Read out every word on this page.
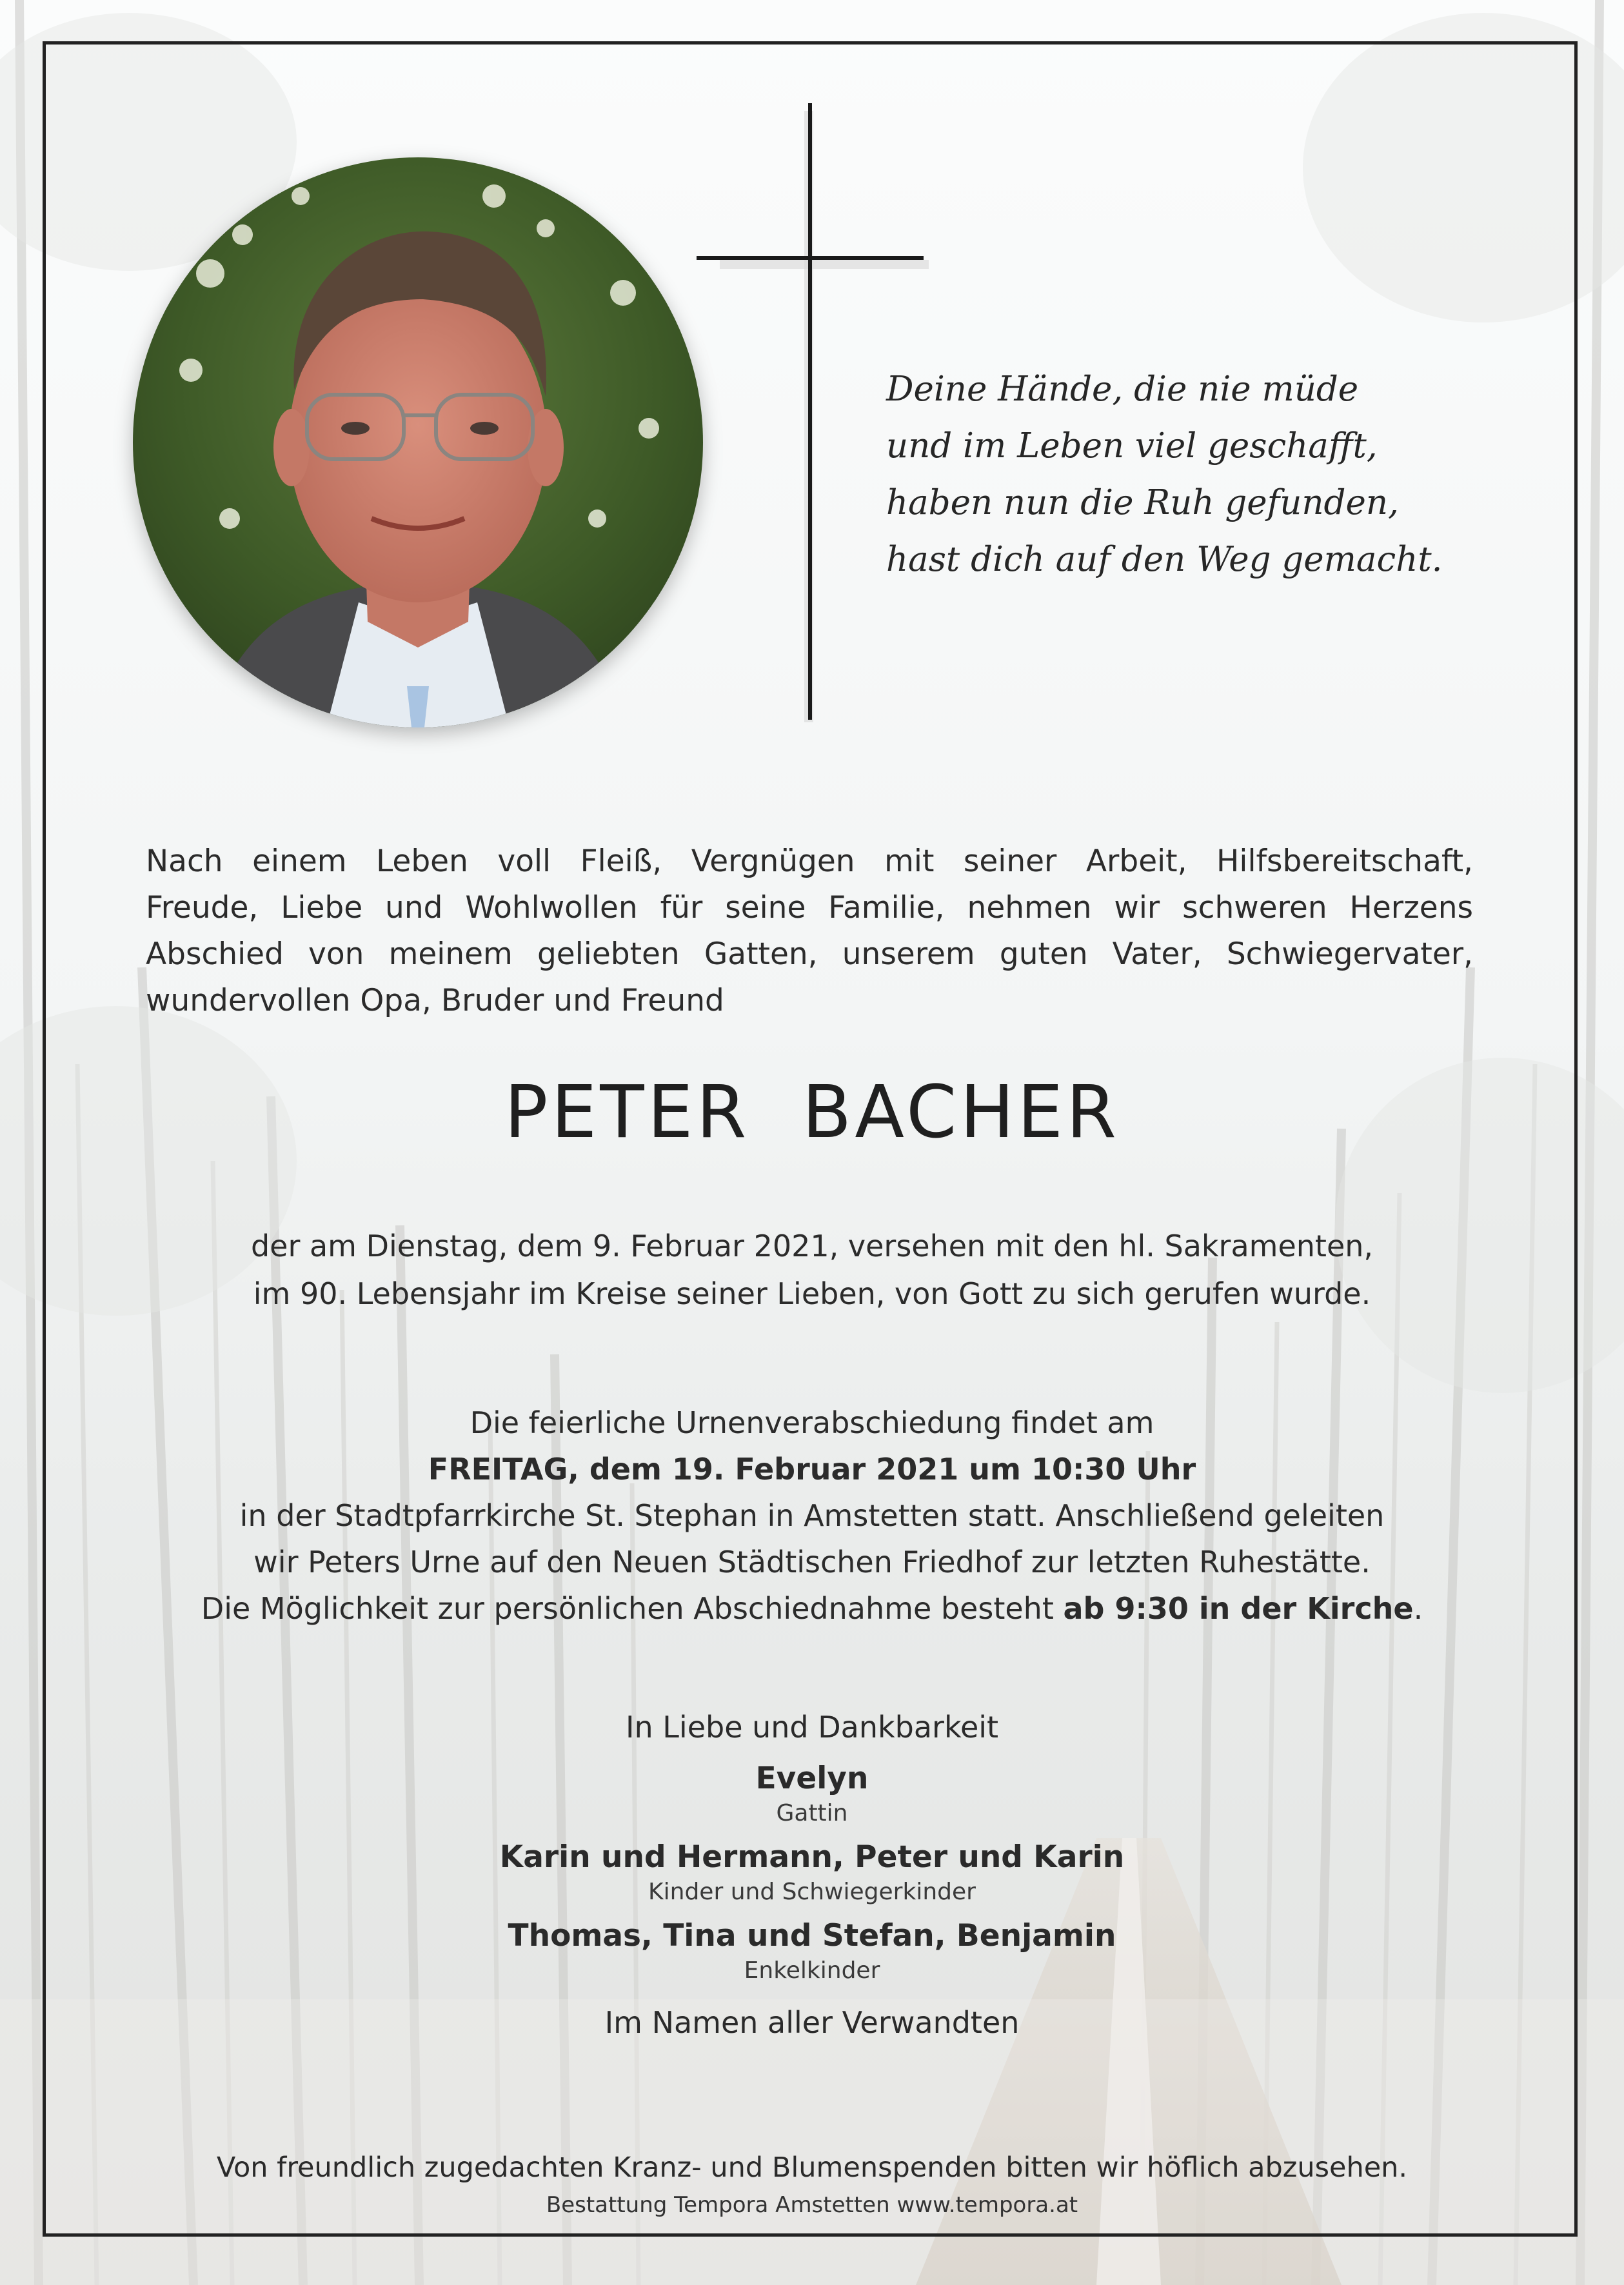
Deine Hände, die nie müde
und im Leben viel geschafft,
haben nun die Ruh gefunden,
hast dich auf den Weg gemacht.
Nach einem Leben voll Fleiß, Vergnügen mit seiner Arbeit, Hilfsbereitschaft,
Freude, Liebe und Wohlwollen für seine Familie, nehmen wir schweren Herzens
Abschied von meinem geliebten Gatten, unserem guten Vater, Schwiegervater,
wundervollen Opa, Bruder und Freund
PETER  BACHER
der am Dienstag, dem 9. Februar 2021, versehen mit den hl. Sakramenten,
im 90. Lebensjahr im Kreise seiner Lieben, von Gott zu sich gerufen wurde.
Die feierliche Urnenverabschiedung findet am
FREITAG, dem 19. Februar 2021 um 10:30 Uhr
in der Stadtpfarrkirche St. Stephan in Amstetten statt. Anschließend geleiten
wir Peters Urne auf den Neuen Städtischen Friedhof zur letzten Ruhestätte.
Die Möglichkeit zur persönlichen Abschiednahme besteht ab 9:30 in der Kirche.
In Liebe und Dankbarkeit
Evelyn
Gattin
Karin und Hermann, Peter und Karin
Kinder und Schwiegerkinder
Thomas, Tina und Stefan, Benjamin
Enkelkinder
Im Namen aller Verwandten
Von freundlich zugedachten Kranz- und Blumenspenden bitten wir höflich abzusehen.
Bestattung Tempora Amstetten www.tempora.at
